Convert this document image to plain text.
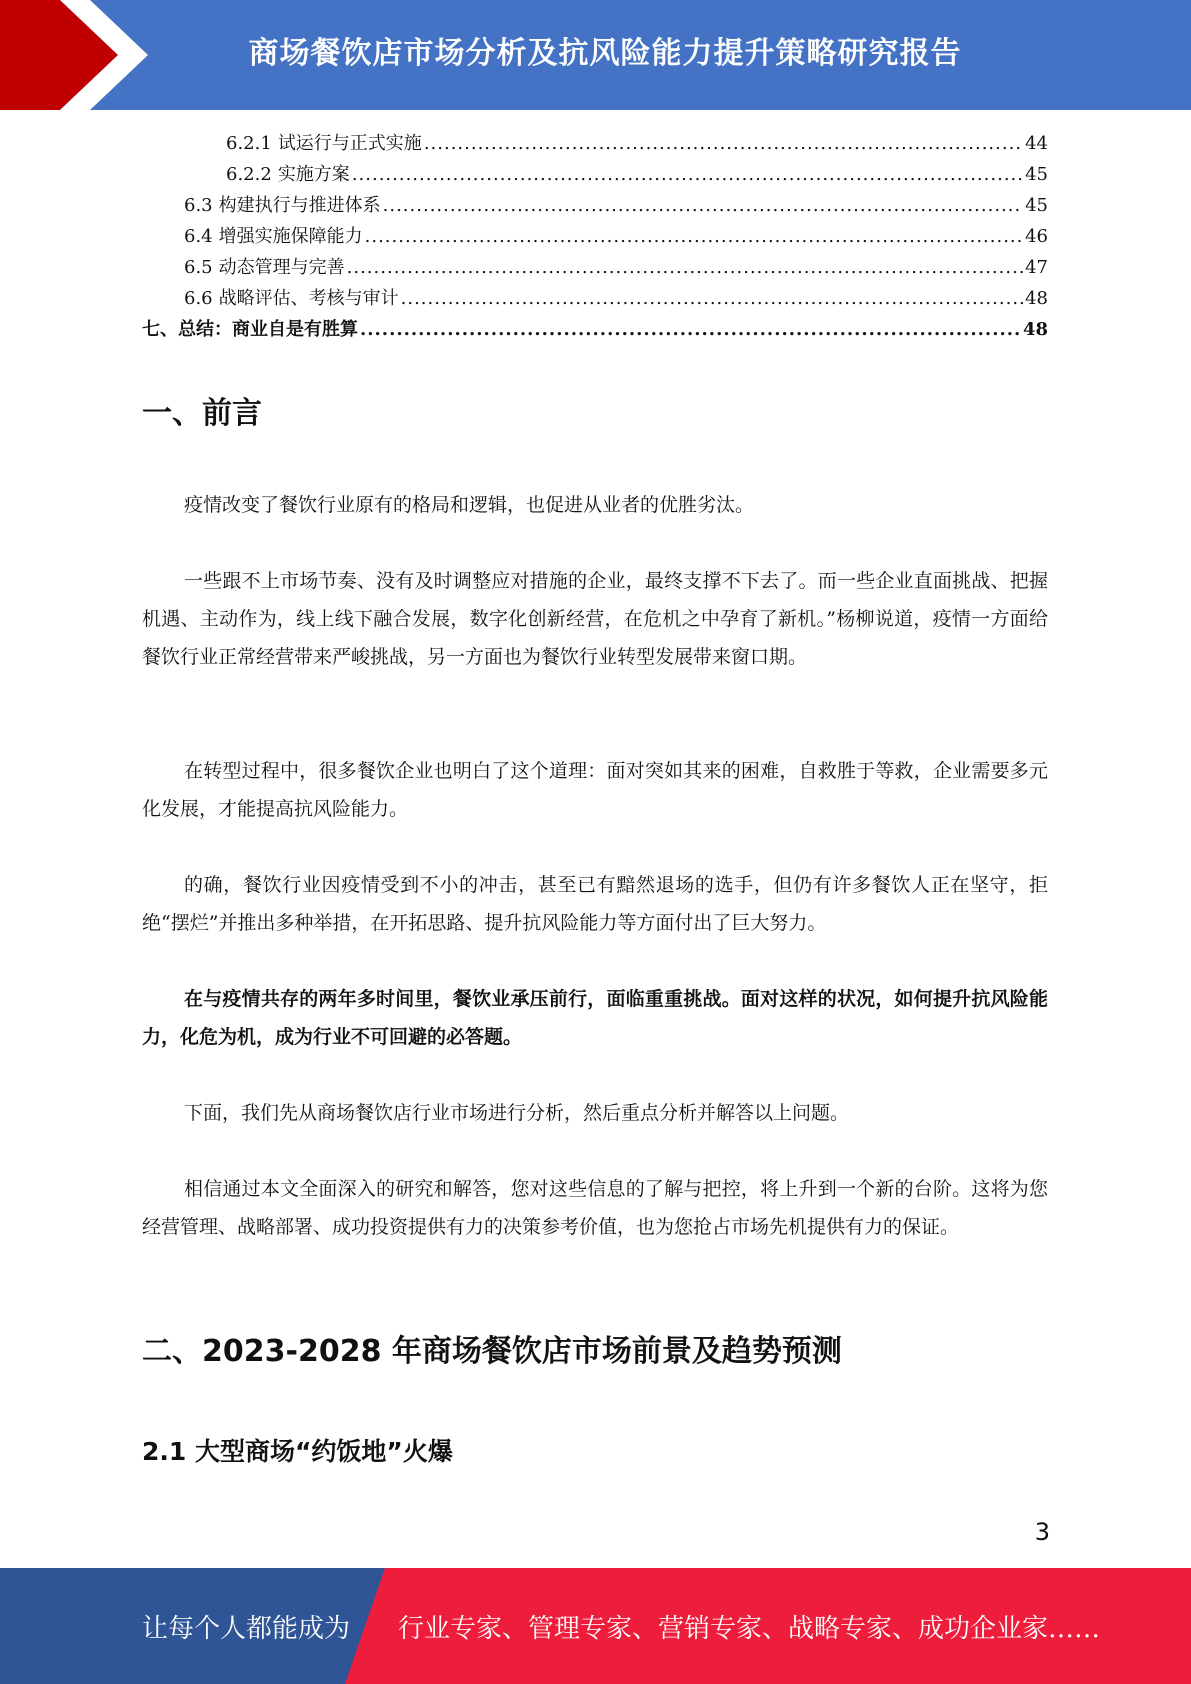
商场餐饮店市场分析及抗风险能力提升策略研究报告
6.2.1 试运行与正式实施 .....	44
6.2.2 实施方案 .....	45
6.3 构建执行与推进体系 .....	45
6.4 增强实施保障能力 .....	46
6.5 动态管理与完善 .....	47
6.6 战略评估、考核与审计 .....	48
七、总结：商业自是有胜算 .....	48
一、前言

疫情改变了餐饮行业原有的格局和逻辑，也促进从业者的优胜劣汰。

一些跟不上市场节奏、没有及时调整应对措施的企业，最终支撑不下去了。而一些企业直面挑战、把握机遇、主动作为，线上线下融合发展，数字化创新经营，在危机之中孕育了新机。”杨柳说道，疫情一方面给餐饮行业正常经营带来严峻挑战，另一方面也为餐饮行业转型发展带来窗口期。

在转型过程中，很多餐饮企业也明白了这个道理：面对突如其来的困难，自救胜于等救，企业需要多元化发展，才能提高抗风险能力。

的确，餐饮行业因疫情受到不小的冲击，甚至已有黯然退场的选手，但仍有许多餐饮人正在坚守，拒绝“摆烂”并推出多种举措，在开拓思路、提升抗风险能力等方面付出了巨大努力。

在与疫情共存的两年多时间里，餐饮业承压前行，面临重重挑战。面对这样的状况，如何提升抗风险能力，化危为机，成为行业不可回避的必答题。

下面，我们先从商场餐饮店行业市场进行分析，然后重点分析并解答以上问题。

相信通过本文全面深入的研究和解答，您对这些信息的了解与把控，将上升到一个新的台阶。这将为您经营管理、战略部署、成功投资提供有力的决策参考价值，也为您抢占市场先机提供有力的保证。

二、2023-2028 年商场餐饮店市场前景及趋势预测
2.1 大型商场“约饭地”火爆
3
让每个人都能成为 行业专家、管理专家、营销专家、战略专家、成功企业家……
